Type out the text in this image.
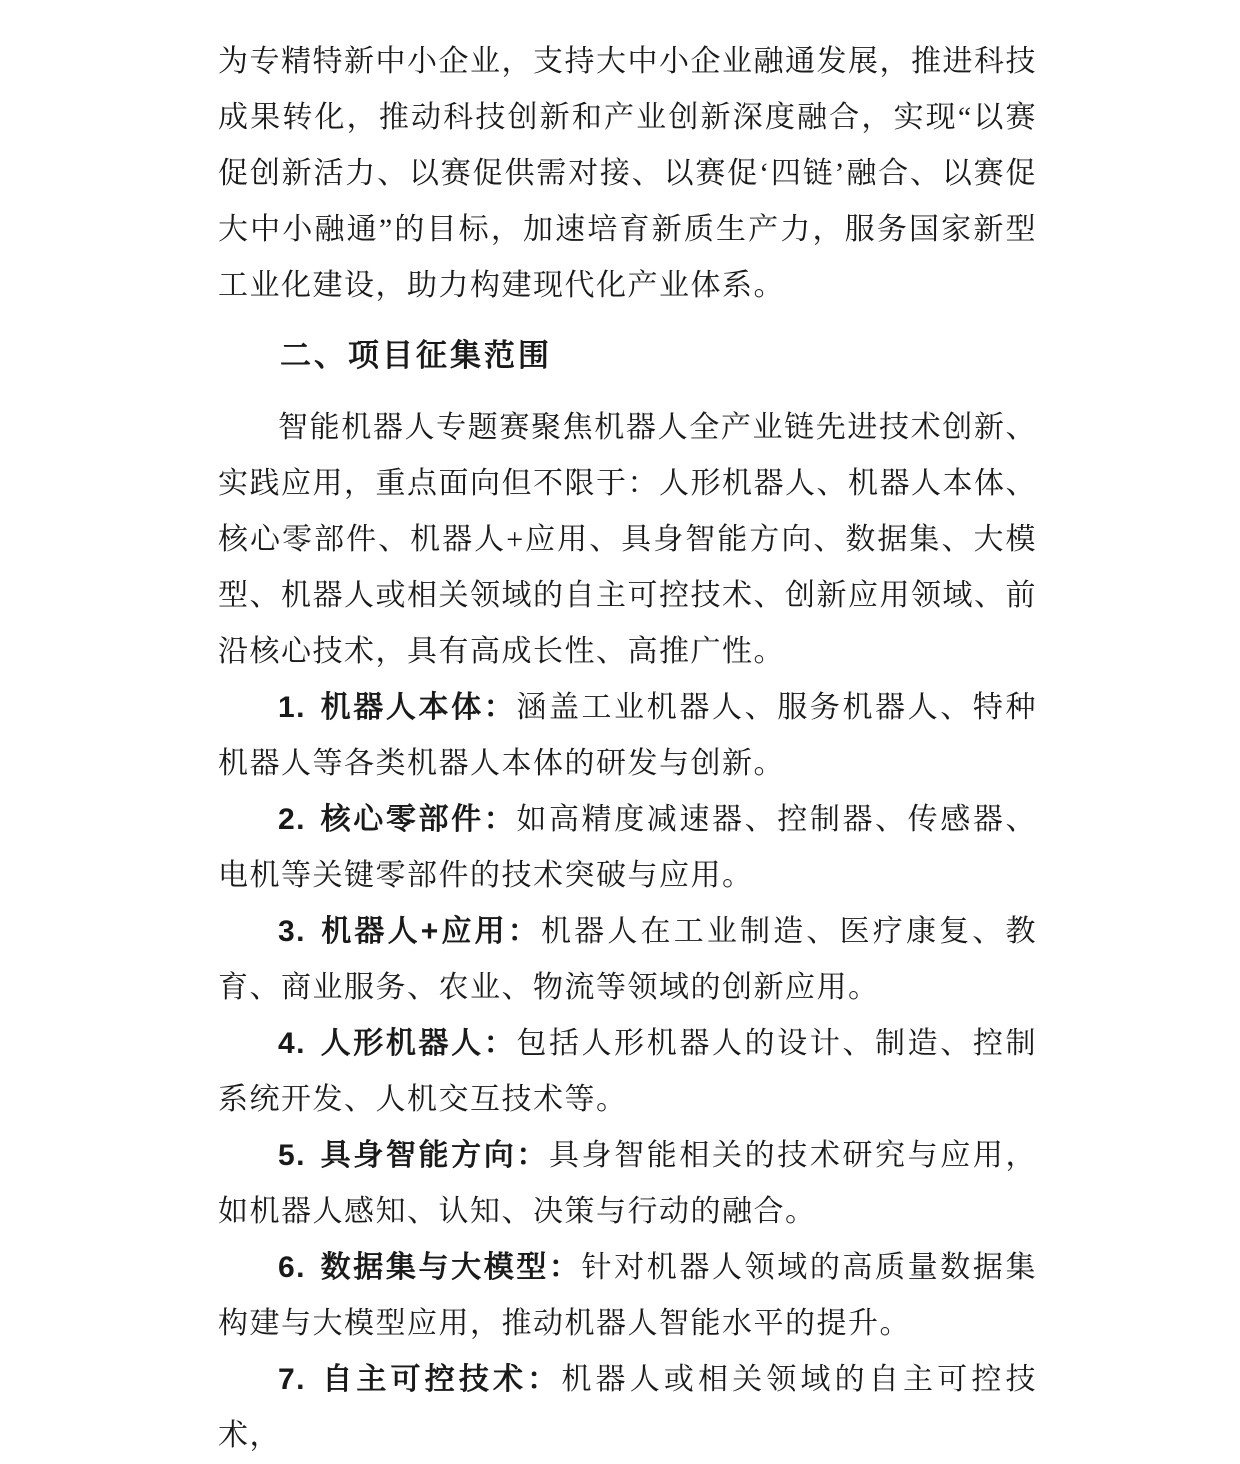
为专精特新中小企业，支持大中小企业融通发展，推进科技成果转化，推动科技创新和产业创新深度融合，实现“以赛促创新活力、以赛促供需对接、以赛促‘四链’融合、以赛促大中小融通”的目标，加速培育新质生产力，服务国家新型工业化建设，助力构建现代化产业体系。

二、项目征集范围

智能机器人专题赛聚焦机器人全产业链先进技术创新、实践应用，重点面向但不限于：人形机器人、机器人本体、核心零部件、机器人+应用、具身智能方向、数据集、大模型、机器人或相关领域的自主可控技术、创新应用领域、前沿核心技术，具有高成长性、高推广性。

1. 机器人本体：涵盖工业机器人、服务机器人、特种机器人等各类机器人本体的研发与创新。

2. 核心零部件：如高精度减速器、控制器、传感器、电机等关键零部件的技术突破与应用。

3. 机器人+应用：机器人在工业制造、医疗康复、教育、商业服务、农业、物流等领域的创新应用。

4. 人形机器人：包括人形机器人的设计、制造、控制系统开发、人机交互技术等。

5. 具身智能方向：具身智能相关的技术研究与应用，如机器人感知、认知、决策与行动的融合。

6. 数据集与大模型：针对机器人领域的高质量数据集构建与大模型应用，推动机器人智能水平的提升。

7. 自主可控技术：机器人或相关领域的自主可控技术，
